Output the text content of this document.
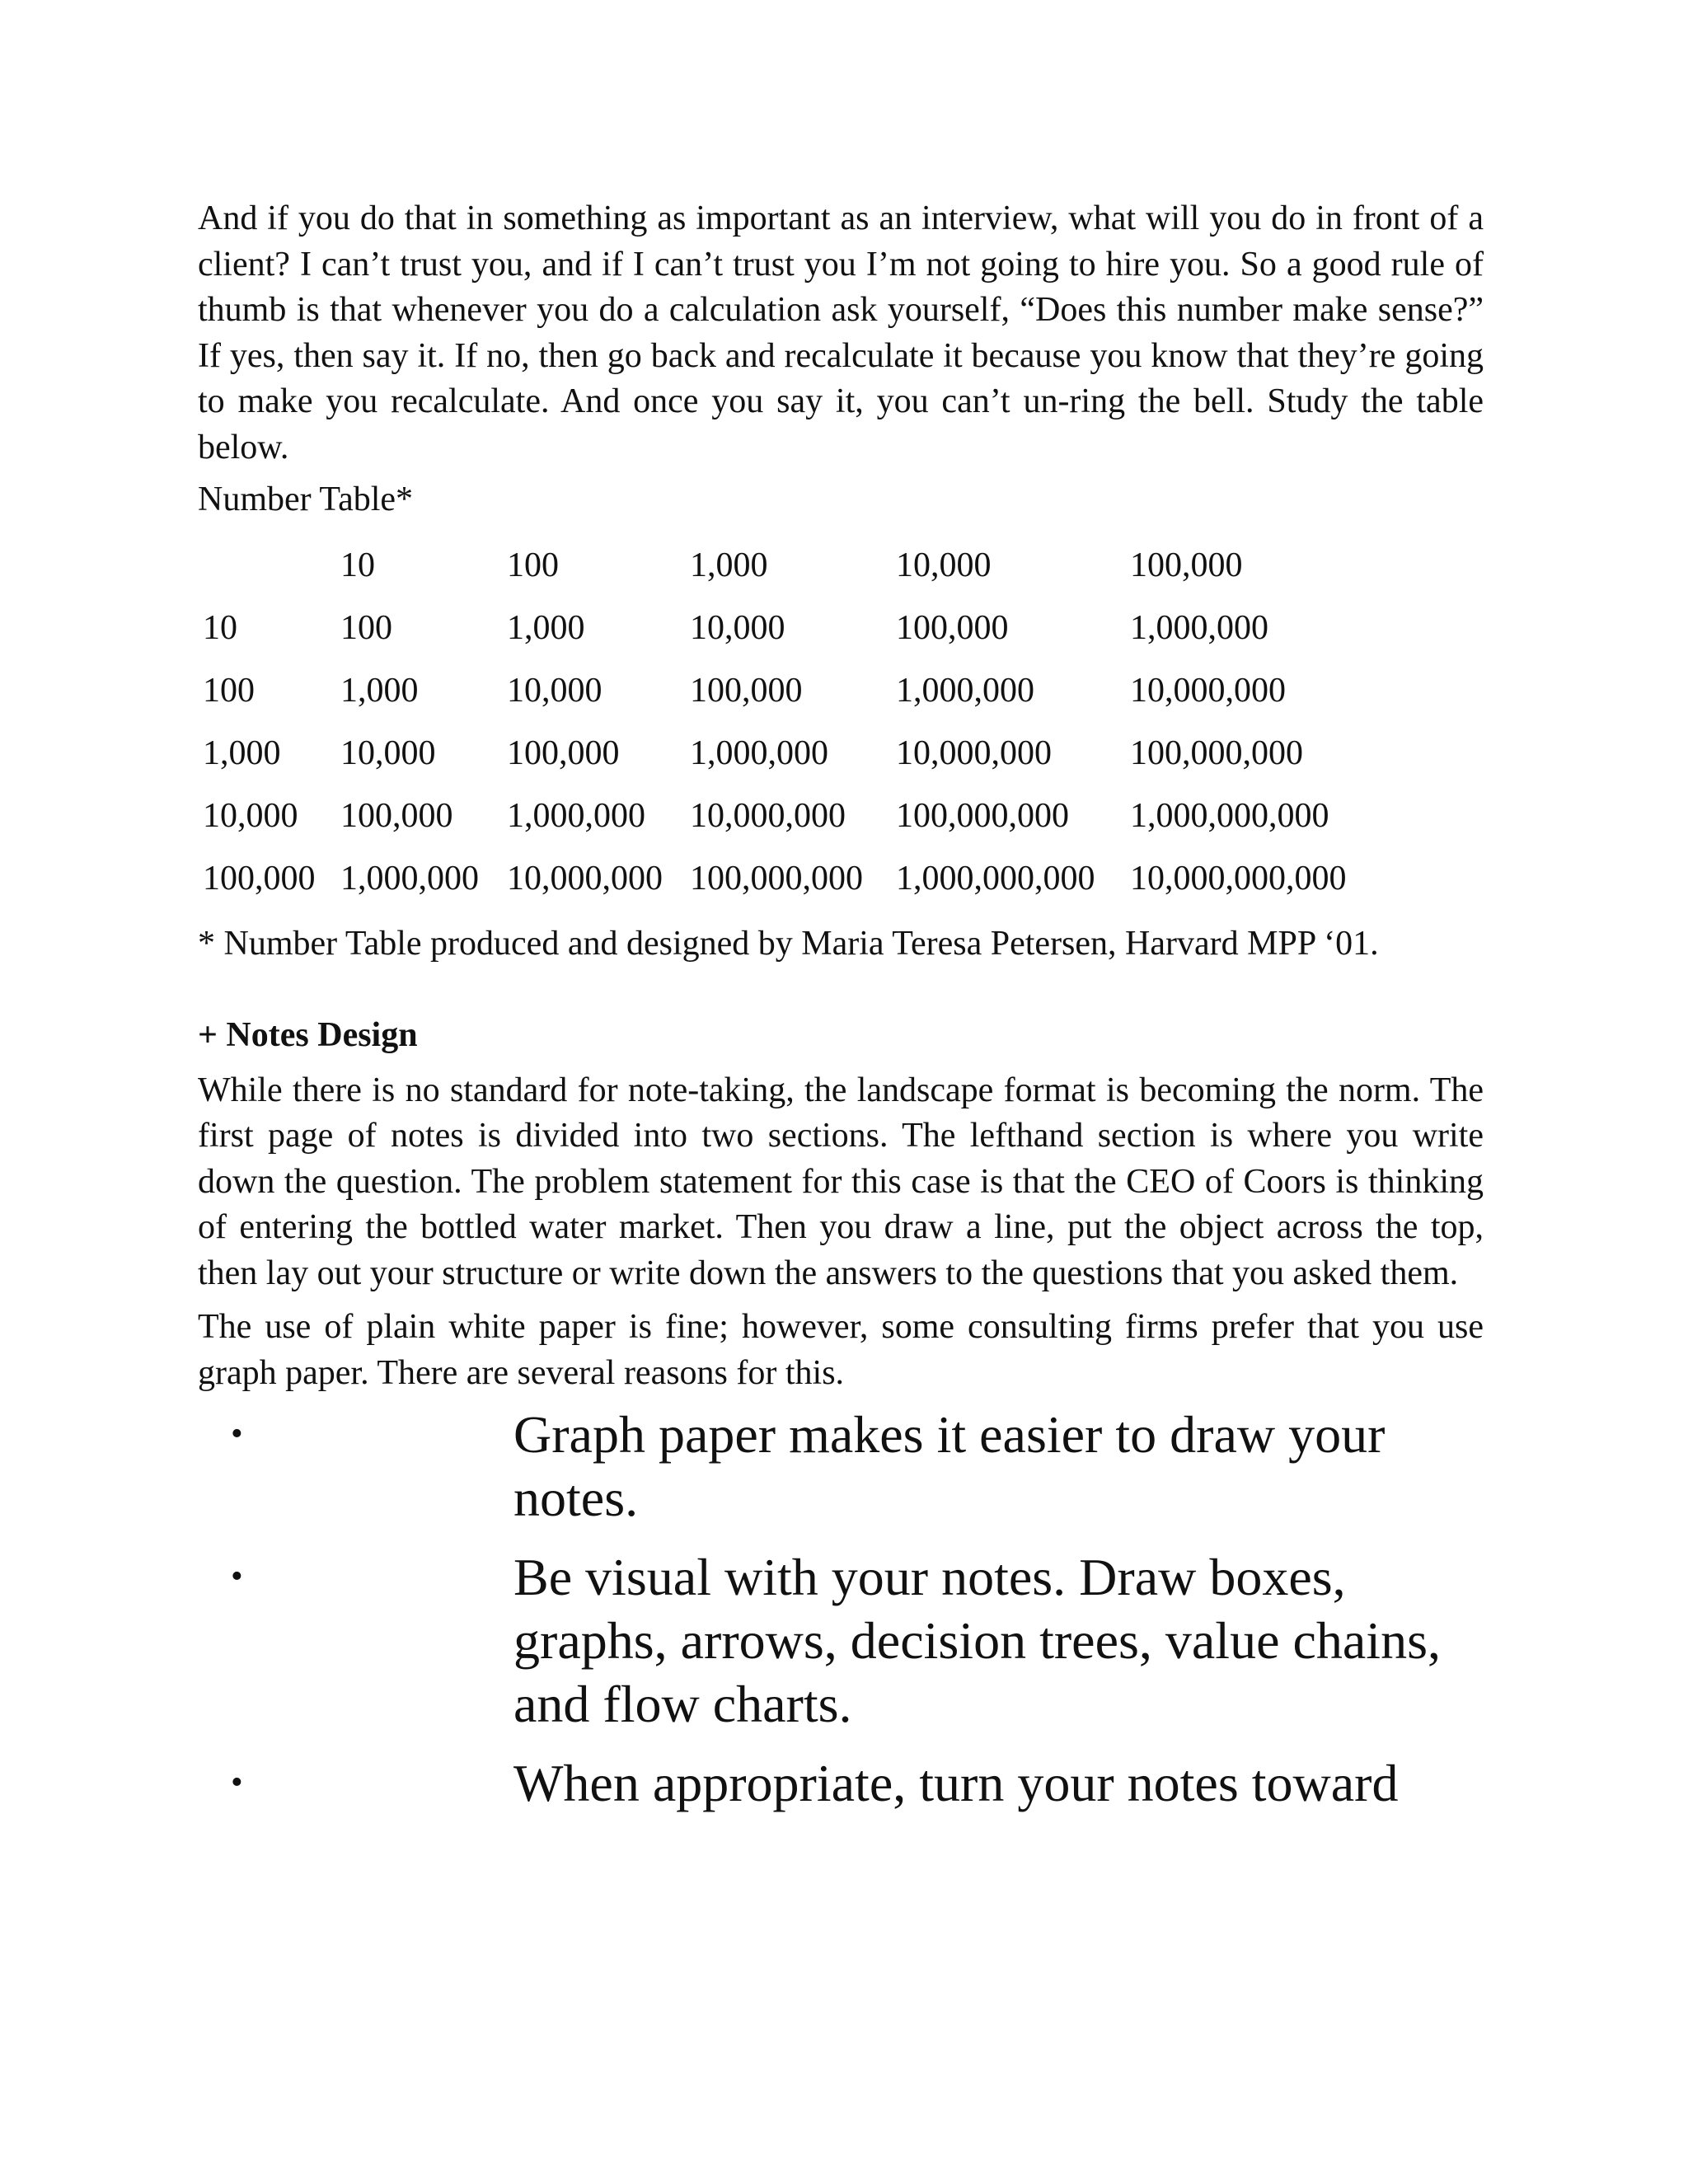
And if you do that in something as important as an interview, what will you do in front of a client? I can’t trust you, and if I can’t trust you I’m not going to hire you. So a good rule of thumb is that whenever you do a calculation ask yourself, “Does this number make sense?” If yes, then say it. If no, then go back and recalculate it because you know that they’re going to make you recalculate. And once you say it, you can’t un-ring the bell. Study the table below.

Number Table*
	10	100	1,000	10,000	100,000
10	100	1,000	10,000	100,000	1,000,000
100	1,000	10,000	100,000	1,000,000	10,000,000
1,000	10,000	100,000	1,000,000	10,000,000	100,000,000
10,000	100,000	1,000,000	10,000,000	100,000,000	1,000,000,000
100,000	1,000,000	10,000,000	100,000,000	1,000,000,000	10,000,000,000

* Number Table produced and designed by Maria Teresa Petersen, Harvard MPP ‘01.

+ Notes Design

While there is no standard for note-taking, the landscape format is becoming the norm. The first page of notes is divided into two sections. The lefthand section is where you write down the question. The problem statement for this case is that the CEO of Coors is thinking of entering the bottled water market. Then you draw a line, put the object across the top, then lay out your structure or write down the answers to the questions that you asked them.

The use of plain white paper is fine; however, some consulting firms prefer that you use graph paper. There are several reasons for this.

•	Graph paper makes it easier to draw your notes.
•	Be visual with your notes. Draw boxes, graphs, arrows, decision trees, value chains, and flow charts.
•	When appropriate, turn your notes toward
